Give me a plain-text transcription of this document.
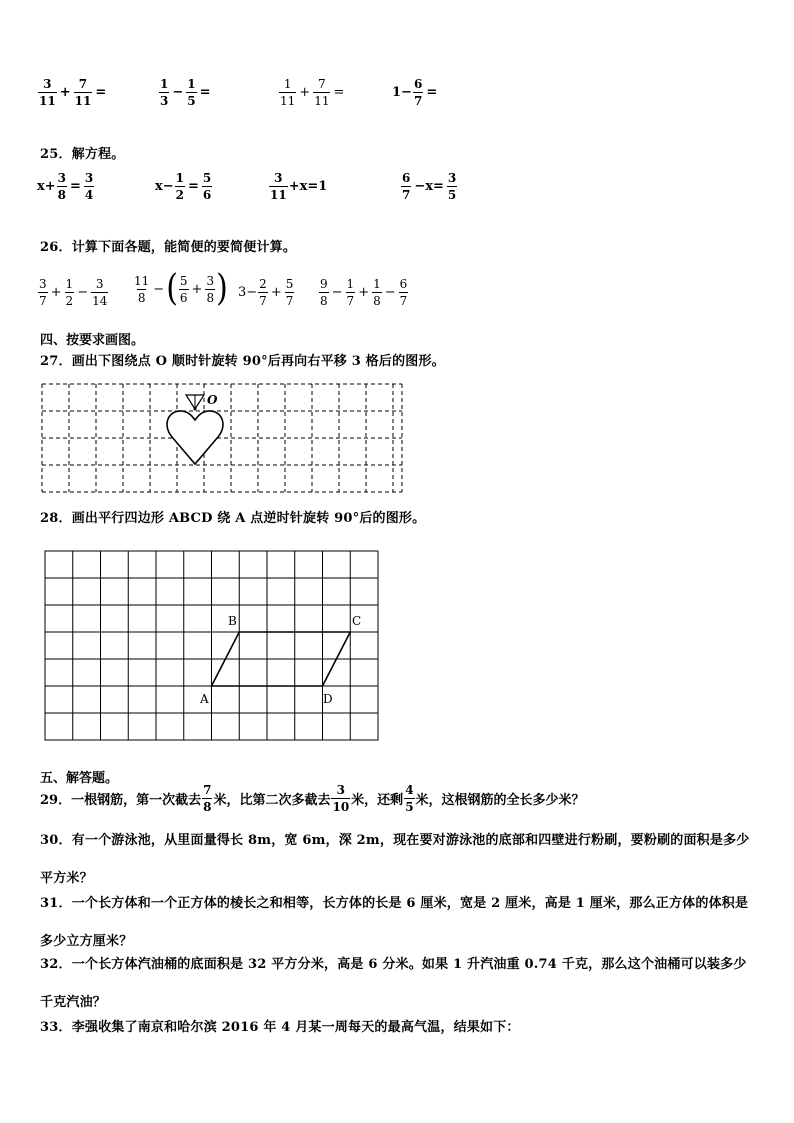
$\frac{3}{11} + \frac{7}{11}$ =	$\frac{1}{3} - \frac{1}{5}$ =	$\frac{1}{11} + \frac{7}{11}$ =	$1- \frac{6}{7}$ =
25．解方程。
$x+ \frac{3}{8} = \frac{3}{4}$	$x- \frac{1}{2} = \frac{5}{6}$	$\frac{3}{11} +x=1$	$\frac{6}{7} -x= \frac{3}{5}$
26．计算下面各题，能简便的要简便计算。
$\frac{3}{7} + \frac{1}{2} - \frac{3}{14} \frac{11}{8}$ − ( $\frac{5}{6} + \frac{3}{8}$ ) $3- \frac{2}{7} + \frac{5}{7} \frac{9}{8} - \frac{1}{7} + \frac{1}{8} - \frac{6}{7}$
四、按要求画图。
27．画出下图绕点 O 顺时针旋转 90°后再向右平移 3 格后的图形。
O
28．画出平行四边形 ABCD 绕 A 点逆时针旋转 90°后的图形。
A
B	C
D
五、解答题。
29．一根钢筋，第一次截去 $\frac{7}{8}$ 米，比第二次多截去 $\frac{3}{10}$ 米，还剩 $\frac{4}{5}$ 米，这根钢筋的全长多少米？
30．有一个游泳池，从里面量得长 8m，宽 6m，深 2m，现在要对游泳池的底部和四壁进行粉刷，要粉刷的面积是多少平方米？
31．一个长方体和一个正方体的棱长之和相等，长方体的长是 6 厘米，宽是 2 厘米，高是 1 厘米，那么正方体的体积是多少立方厘米？
32．一个长方体汽油桶的底面积是 32 平方分米，高是 6 分米。如果 1 升汽油重 0.74 千克，那么这个油桶可以装多少千克汽油？
33．李强收集了南京和哈尔滨 2016 年 4 月某一周每天的最高气温，结果如下：
